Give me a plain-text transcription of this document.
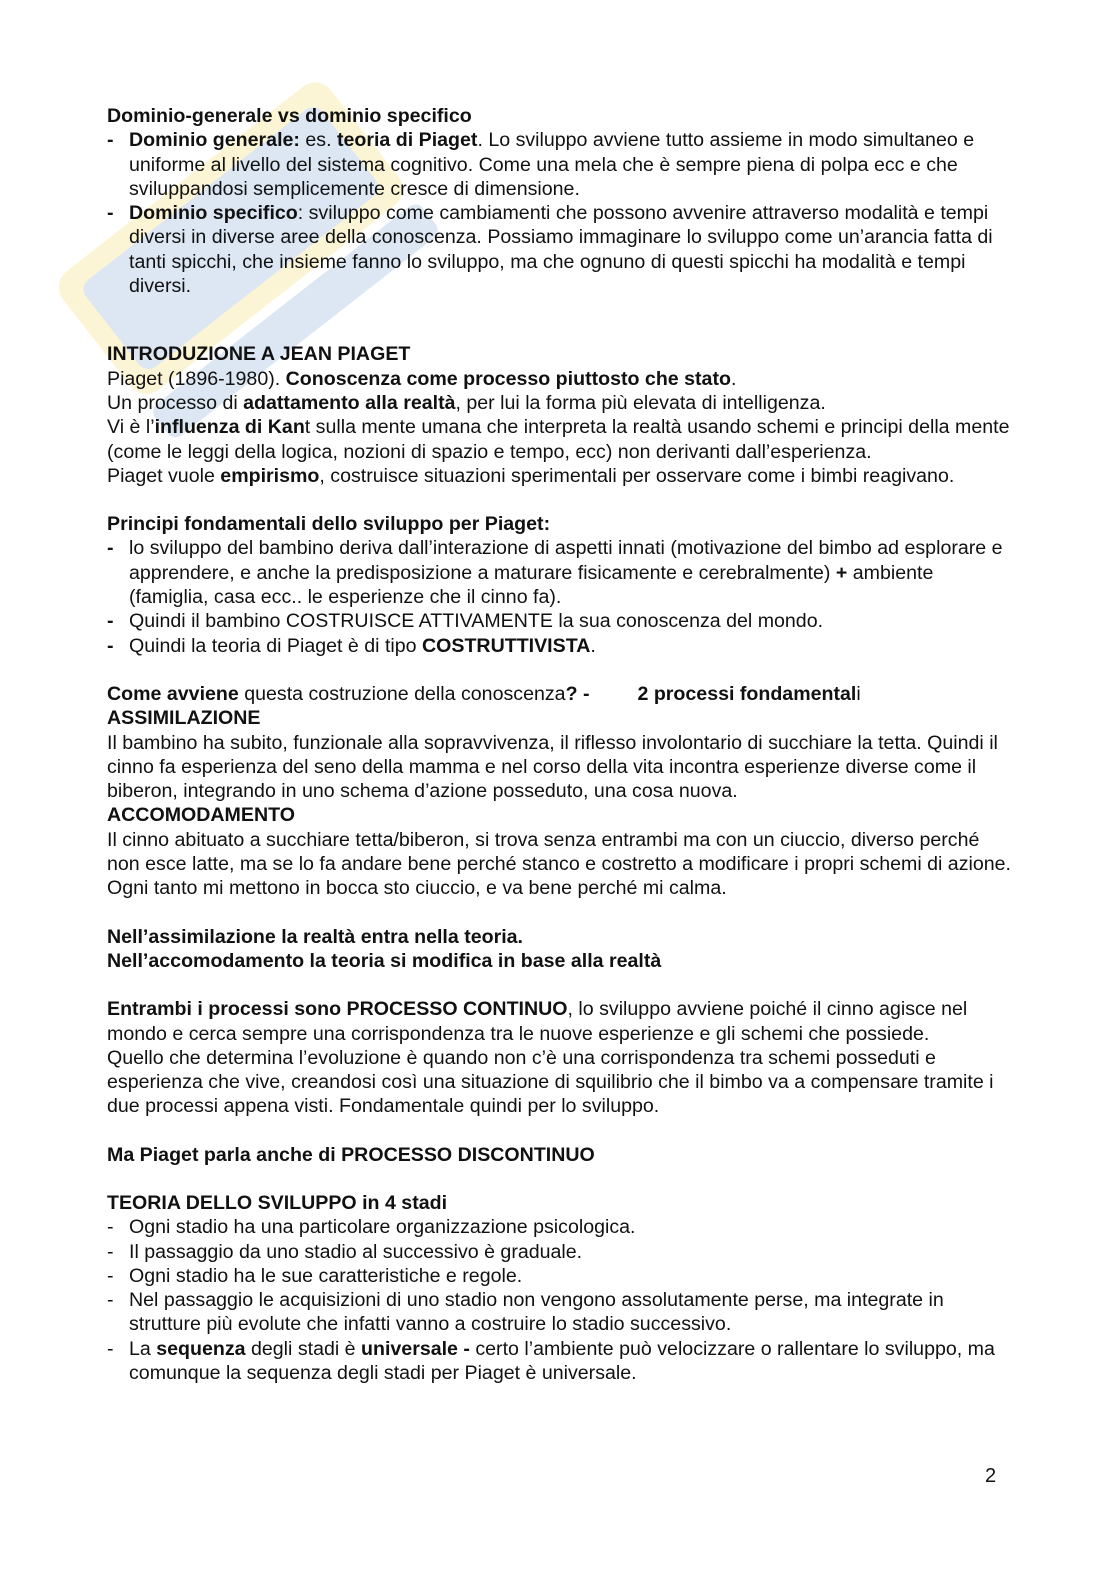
Dominio-generale vs dominio specifico

- Dominio generale: es. teoria di Piaget. Lo sviluppo avviene tutto assieme in modo simultaneo e uniforme al livello del sistema cognitivo. Come una mela che è sempre piena di polpa ecc e che sviluppandosi semplicemente cresce di dimensione.
- Dominio specifico: sviluppo come cambiamenti che possono avvenire attraverso modalità e tempi diversi in diverse aree della conoscenza. Possiamo immaginare lo sviluppo come un’arancia fatta di tanti spicchi, che insieme fanno lo sviluppo, ma che ognuno di questi spicchi ha modalità e tempi diversi.

INTRODUZIONE A JEAN PIAGET

Piaget (1896-1980). Conoscenza come processo piuttosto che stato.

Un processo di adattamento alla realtà, per lui la forma più elevata di intelligenza.

Vi è l’influenza di Kant sulla mente umana che interpreta la realtà usando schemi e principi della mente (come le leggi della logica, nozioni di spazio e tempo, ecc) non derivanti dall’esperienza.

Piaget vuole empirismo, costruisce situazioni sperimentali per osservare come i bimbi reagivano.

Principi fondamentali dello sviluppo per Piaget:

- lo sviluppo del bambino deriva dall’interazione di aspetti innati (motivazione del bimbo ad esplorare e apprendere, e anche la predisposizione a maturare fisicamente e cerebralmente) + ambiente (famiglia, casa ecc.. le esperienze che il cinno fa).
- Quindi il bambino COSTRUISCE ATTIVAMENTE la sua conoscenza del mondo.
- Quindi la teoria di Piaget è di tipo COSTRUTTIVISTA.

Come avviene questa costruzione della conoscenza? - 2 processi fondamentali

ASSIMILAZIONE

Il bambino ha subito, funzionale alla sopravvivenza, il riflesso involontario di succhiare la tetta. Quindi il cinno fa esperienza del seno della mamma e nel corso della vita incontra esperienze diverse come il biberon, integrando in uno schema d’azione posseduto, una cosa nuova.

ACCOMODAMENTO

Il cinno abituato a succhiare tetta/biberon, si trova senza entrambi ma con un ciuccio, diverso perché non esce latte, ma se lo fa andare bene perché stanco e costretto a modificare i propri schemi di azione. Ogni tanto mi mettono in bocca sto ciuccio, e va bene perché mi calma.

Nell’assimilazione la realtà entra nella teoria.

Nell’accomodamento la teoria si modifica in base alla realtà

Entrambi i processi sono PROCESSO CONTINUO, lo sviluppo avviene poiché il cinno agisce nel mondo e cerca sempre una corrispondenza tra le nuove esperienze e gli schemi che possiede.

Quello che determina l’evoluzione è quando non c’è una corrispondenza tra schemi posseduti e esperienza che vive, creandosi così una situazione di squilibrio che il bimbo va a compensare tramite i due processi appena visti. Fondamentale quindi per lo sviluppo.

Ma Piaget parla anche di PROCESSO DISCONTINUO

TEORIA DELLO SVILUPPO in 4 stadi

- Ogni stadio ha una particolare organizzazione psicologica.
- Il passaggio da uno stadio al successivo è graduale.
- Ogni stadio ha le sue caratteristiche e regole.
- Nel passaggio le acquisizioni di uno stadio non vengono assolutamente perse, ma integrate in strutture più evolute che infatti vanno a costruire lo stadio successivo.
- La sequenza degli stadi è universale - certo l’ambiente può velocizzare o rallentare lo sviluppo, ma comunque la sequenza degli stadi per Piaget è universale.
2
